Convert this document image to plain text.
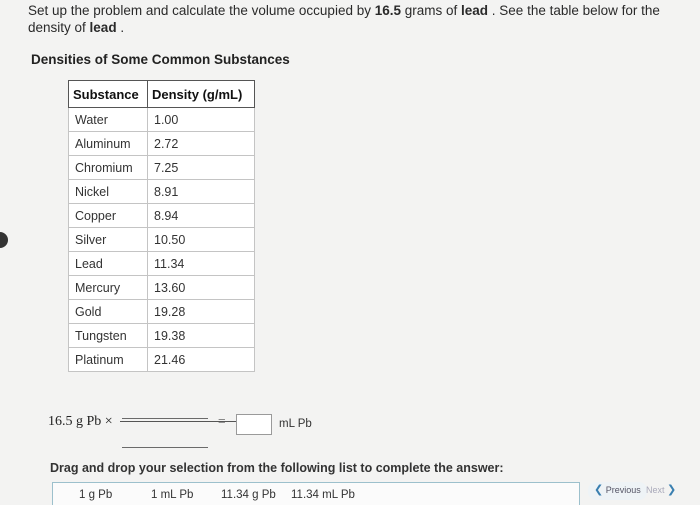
Set up the problem and calculate the volume occupied by 16.5 grams of lead . See the table below for the density of lead .
Densities of Some Common Substances
Substance	Density (g/mL)
Water	1.00
Aluminum	2.72
Chromium	7.25
Nickel	8.91
Copper	8.94
Silver	10.50
Lead	11.34
Mercury	13.60
Gold	19.28
Tungsten	19.38
Platinum	21.46
16.5 g Pb ×	=	mL Pb
Drag and drop your selection from the following list to complete the answer:
1 g Pb	1 mL Pb 11.34 g Pb 11.34 mL Pb	❮ Previous Next ❯
